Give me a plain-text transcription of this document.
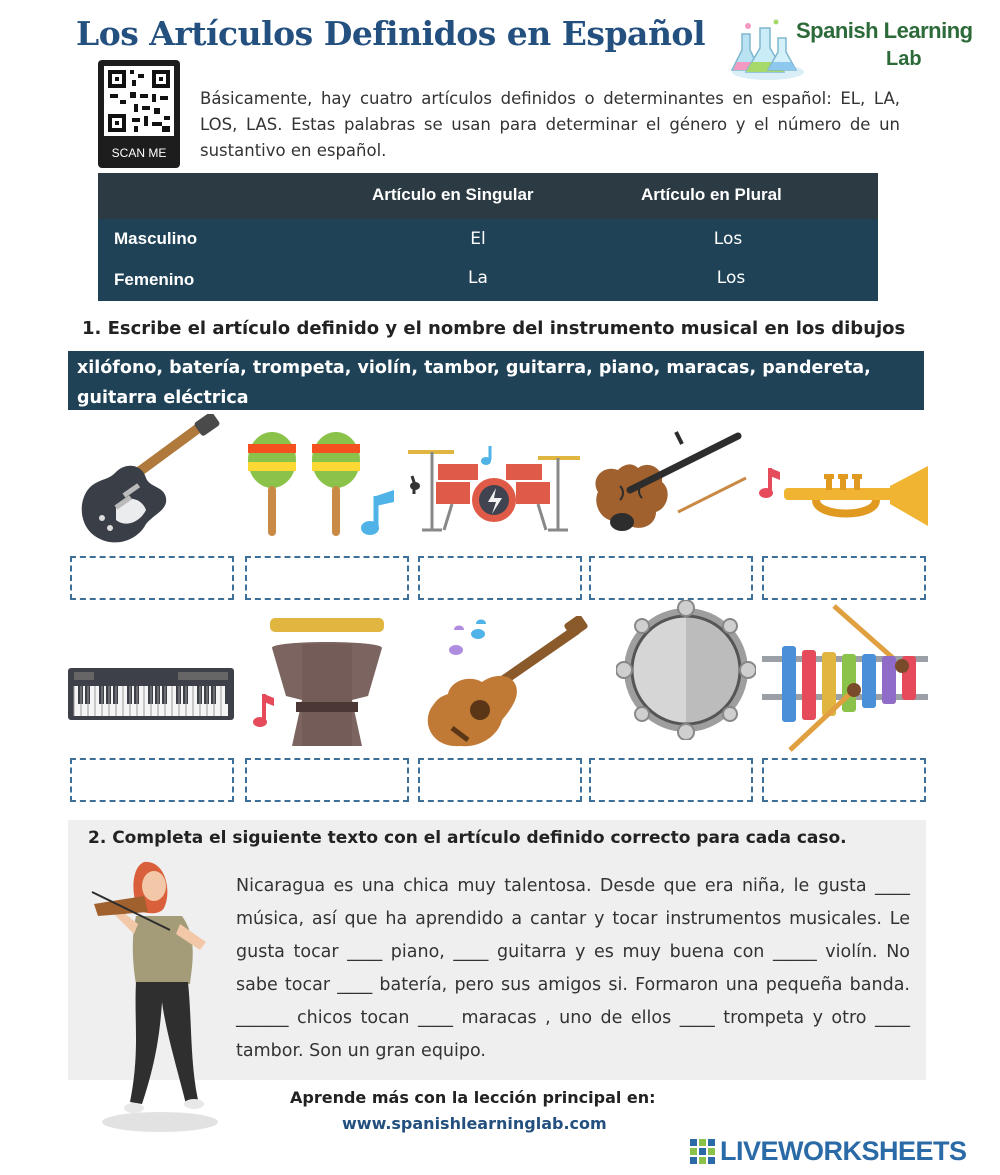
Los Artículos Definidos en Español	Spanish Learning
Lab
SCAN ME
Básicamente, hay cuatro artículos definidos o determinantes en español: EL, LA, LOS, LAS. Estas palabras se usan para determinar el género y el número de un sustantivo en español.
Artículo en Singular	Artículo en Plural
Masculino	El	Los
Femenino	La	Los
1. Escribe el artículo definido y el nombre del instrumento musical en los dibujos
xilófono, batería, trompeta, violín, tambor, guitarra, piano, maracas, pandereta, guitarra eléctrica
2. Completa el siguiente texto con el artículo definido correcto para cada caso.
Nicaragua es una chica muy talentosa. Desde que era niña, le gusta ____ música, así que ha aprendido a cantar y tocar instrumentos musicales. Le gusta tocar ____ piano, ____ guitarra y es muy buena con _____ violín. No sabe tocar ____ batería, pero sus amigos si. Formaron una pequeña banda. ______ chicos tocan ____ maracas , uno de ellos ____ trompeta y otro ____ tambor. Son un gran equipo.
Aprende más con la lección principal en:
www.spanishlearninglab.com
LIVEWORKSHEETS
